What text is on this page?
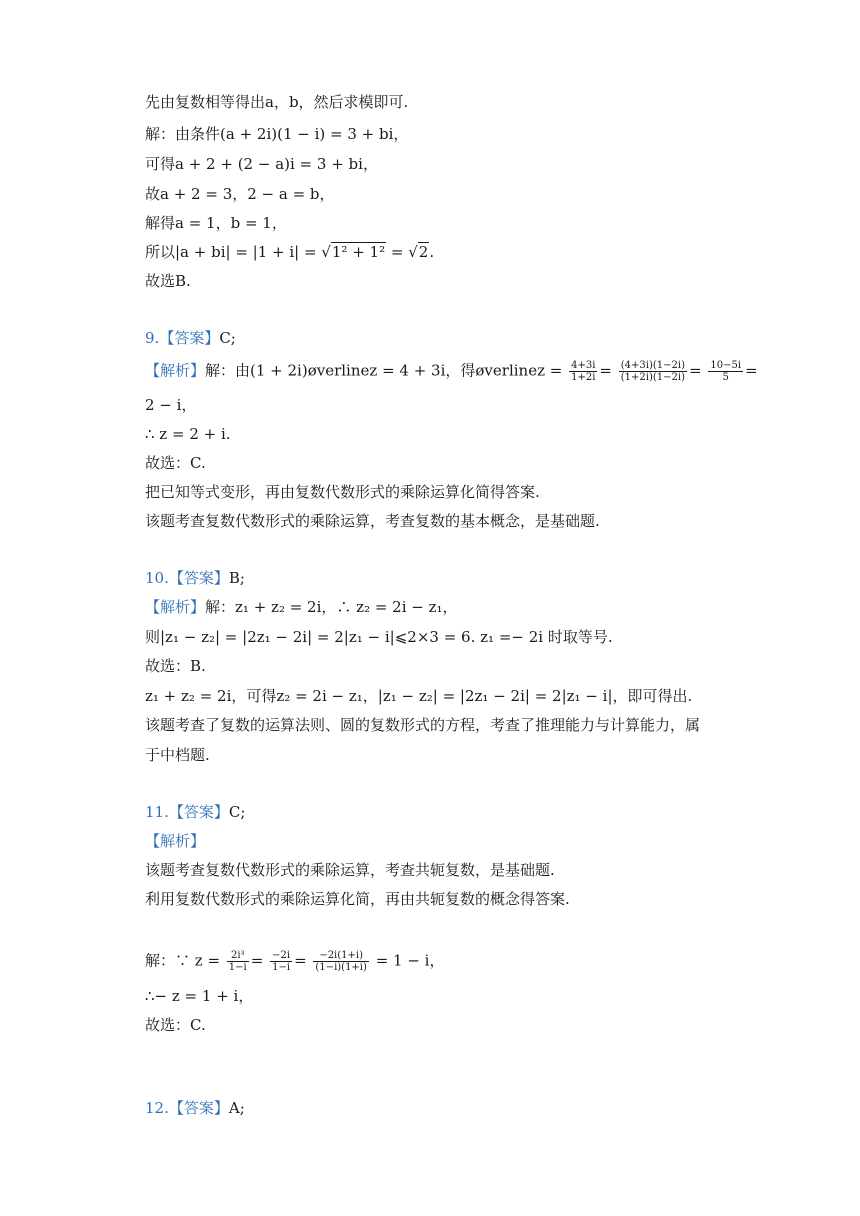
先由复数相等得出a，b，然后求模即可.
解：由条件(a + 2i)(1 − i) = 3 + bi，
可得a + 2 + (2 − a)i = 3 + bi，
故a + 2 = 3，2 − a = b，
解得a = 1，b = 1，
所以|a + bi| = |1 + i| = √1² + 1² = √2.
故选B.
9.【答案】C;
【解析】解：由(1 + 2i)øverlinez = 4 + 3i，得øverlinez = $\frac{4+3i}{1+2i} = \frac{(4+3i)(1-2i)}{(1+2i)(1-2i)} = \frac{10-5i}{5}$ =
2 − i，
∴ z = 2 + i.
故选：C.
把已知等式变形，再由复数代数形式的乘除运算化简得答案.
该题考查复数代数形式的乘除运算，考查复数的基本概念，是基础题.
10.【答案】B;
【解析】解：z₁ + z₂ = 2i，∴ z₂ = 2i − z₁，
则|z₁ − z₂| = |2z₁ − 2i| = 2|z₁ − i|⩽2×3 = 6. z₁ =− 2i 时取等号.
故选：B.
z₁ + z₂ = 2i，可得z₂ = 2i − z₁，|z₁ − z₂| = |2z₁ − 2i| = 2|z₁ − i|，即可得出.
该题考查了复数的运算法则、圆的复数形式的方程，考查了推理能力与计算能力，属
于中档题.
11.【答案】C;
【解析】
该题考查复数代数形式的乘除运算，考查共轭复数，是基础题.
利用复数代数形式的乘除运算化简，再由共轭复数的概念得答案.
解：∵ $z = \frac{\text{2i³}}{1-i} = \frac{-2i}{1-i} = \frac{-2i(1+i)}{(1-i)(1+i)} = 1 - i$，
∴− z = 1 + i，
故选：C.
12.【答案】A;
